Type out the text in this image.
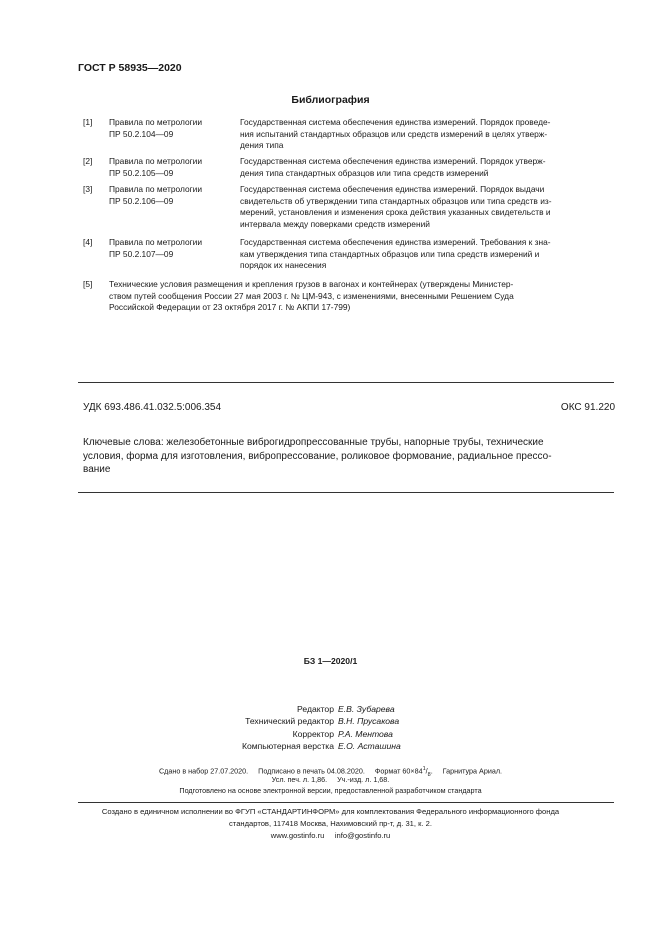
ГОСТ Р 58935—2020
Библиография
[1] Правила по метрологии
ПР 50.2.104—09
Государственная система обеспечения единства измерений. Порядок проведе-
ния испытаний стандартных образцов или средств измерений в целях утверж-
дения типа
[2] Правила по метрологии
ПР 50.2.105—09
Государственная система обеспечения единства измерений. Порядок утверж-
дения типа стандартных образцов или типа средств измерений
[3] Правила по метрологии
ПР 50.2.106—09
Государственная система обеспечения единства измерений. Порядок выдачи
свидетельств об утверждении типа стандартных образцов или типа средств из-
мерений, установления и изменения срока действия указанных свидетельств и
интервала между поверками средств измерений
[4] Правила по метрологии
ПР 50.2.107—09
Государственная система обеспечения единства измерений. Требования к зна-
кам утверждения типа стандартных образцов или типа средств измерений и
порядок их нанесения
[5] Технические условия размещения и крепления грузов в вагонах и контейнерах (утверждены Министер-
ством путей сообщения России 27 мая 2003 г. № ЦМ-943, с изменениями, внесенными Решением Суда
Российской Федерации от 23 октября 2017 г. № АКПИ 17-799)
УДК 693.486.41.032.5:006.354	ОКС 91.220
Ключевые слова: железобетонные виброгидропрессованные трубы, напорные трубы, технические
условия, форма для изготовления, вибропрессование, роликовое формование, радиальное прессо-
вание
БЗ 1—2020/1
Редактор Е.В. Зубарева
Технический редактор В.Н. Прусакова
Корректор Р.А. Ментова
Компьютерная верстка Е.О. Асташина
Сдано в набор 27.07.2020.     Подписано в печать 04.08.2020.     Формат $60\times 84^1/_8$.     Гарнитура Ариал.
Усл. печ. л. 1,86.     Уч.-изд. л. 1,68.
Подготовлено на основе электронной версии, предоставленной разработчиком стандарта
Создано в единичном исполнении во ФГУП «СТАНДАРТИНФОРМ» для комплектования Федерального информационного фонда
стандартов, 117418 Москва, Нахимовский пр-т, д. 31, к. 2.
www.gostinfo.ru     info@gostinfo.ru
